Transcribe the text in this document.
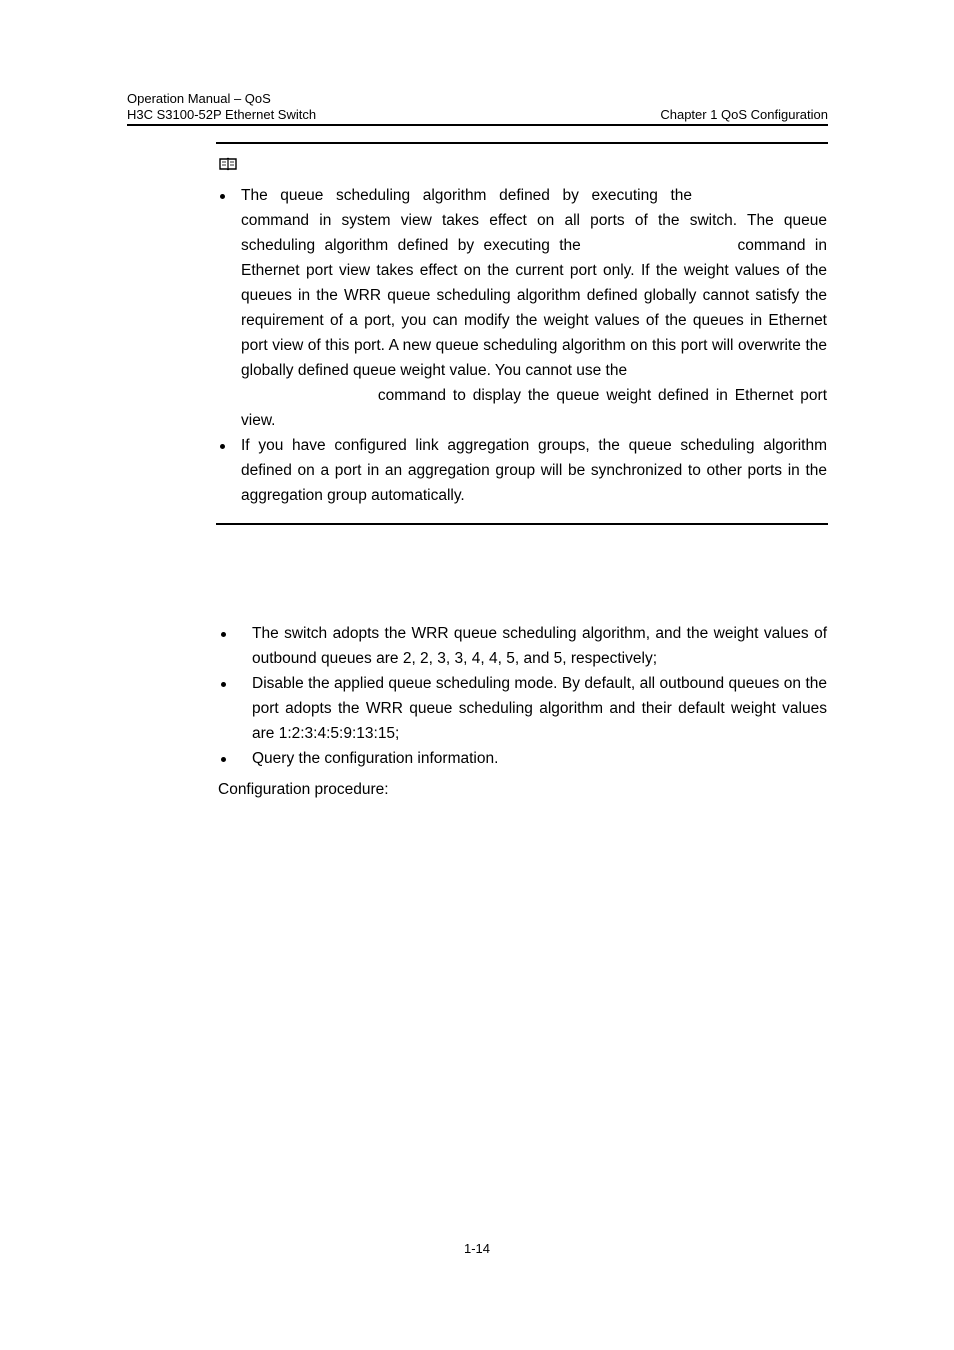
Operation Manual – QoS
H3C S3100-52P Ethernet Switch	Chapter 1 QoS Configuration
The queue scheduling algorithm defined by executing the command in system view takes effect on all ports of the switch. The queue scheduling algorithm defined by executing the	command in Ethernet port view takes effect on the current port only. If the weight values of the queues in the WRR queue scheduling algorithm defined globally cannot satisfy the requirement of a port, you can modify the weight values of the queues in Ethernet port view of this port. A new queue scheduling algorithm on this port will overwrite the globally defined queue weight value. You cannot use the
command to display the queue weight defined in Ethernet port view.
If you have configured link aggregation groups, the queue scheduling algorithm defined on a port in an aggregation group will be synchronized to other ports in the aggregation group automatically.
The switch adopts the WRR queue scheduling algorithm, and the weight values of outbound queues are 2, 2, 3, 3, 4, 4, 5, and 5, respectively;
Disable the applied queue scheduling mode. By default, all outbound queues on the port adopts the WRR queue scheduling algorithm and their default weight values are 1:2:3:4:5:9:13:15;
Query the configuration information.
Configuration procedure:
1-14
